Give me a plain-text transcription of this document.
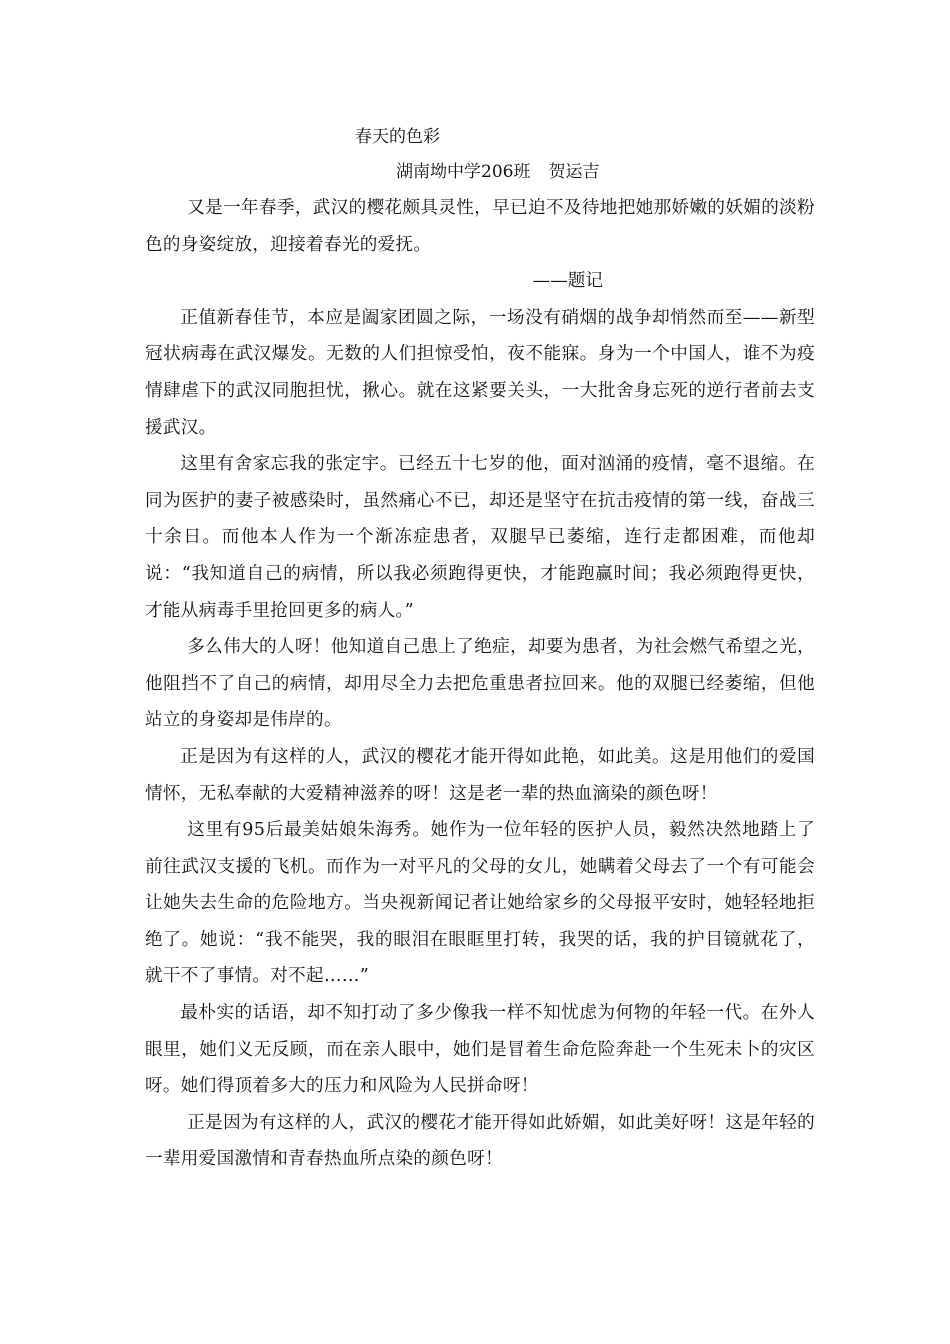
春天的色彩
湖南坳中学206班 贺运吉

又是一年春季，武汉的樱花颇具灵性，早已迫不及待地把她那娇嫩的妖媚的淡粉色的身姿绽放，迎接着春光的爱抚。

——题记

正值新春佳节，本应是阖家团圆之际，一场没有硝烟的战争却悄然而至——新型冠状病毒在武汉爆发。无数的人们担惊受怕，夜不能寐。身为一个中国人，谁不为疫情肆虐下的武汉同胞担忧，揪心。就在这紧要关头，一大批舍身忘死的逆行者前去支援武汉。

这里有舍家忘我的张定宇。已经五十七岁的他，面对汹涌的疫情，毫不退缩。在同为医护的妻子被感染时，虽然痛心不已，却还是坚守在抗击疫情的第一线，奋战三十余日。而他本人作为一个渐冻症患者，双腿早已萎缩，连行走都困难，而他却说：“我知道自己的病情，所以我必须跑得更快，才能跑赢时间；我必须跑得更快，才能从病毒手里抢回更多的病人。”

多么伟大的人呀！他知道自己患上了绝症，却要为患者，为社会燃气希望之光，他阻挡不了自己的病情，却用尽全力去把危重患者拉回来。他的双腿已经萎缩，但他站立的身姿却是伟岸的。

正是因为有这样的人，武汉的樱花才能开得如此艳，如此美。这是用他们的爱国情怀，无私奉献的大爱精神滋养的呀！这是老一辈的热血滴染的颜色呀！

这里有95后最美姑娘朱海秀。她作为一位年轻的医护人员，毅然决然地踏上了前往武汉支援的飞机。而作为一对平凡的父母的女儿，她瞒着父母去了一个有可能会让她失去生命的危险地方。当央视新闻记者让她给家乡的父母报平安时，她轻轻地拒绝了。她说：“我不能哭，我的眼泪在眼眶里打转，我哭的话，我的护目镜就花了，就干不了事情。对不起……”

最朴实的话语，却不知打动了多少像我一样不知忧虑为何物的年轻一代。在外人眼里，她们义无反顾，而在亲人眼中，她们是冒着生命危险奔赴一个生死未卜的灾区呀。她们得顶着多大的压力和风险为人民拼命呀！

正是因为有这样的人，武汉的樱花才能开得如此娇媚，如此美好呀！这是年轻的一辈用爱国激情和青春热血所点染的颜色呀！
